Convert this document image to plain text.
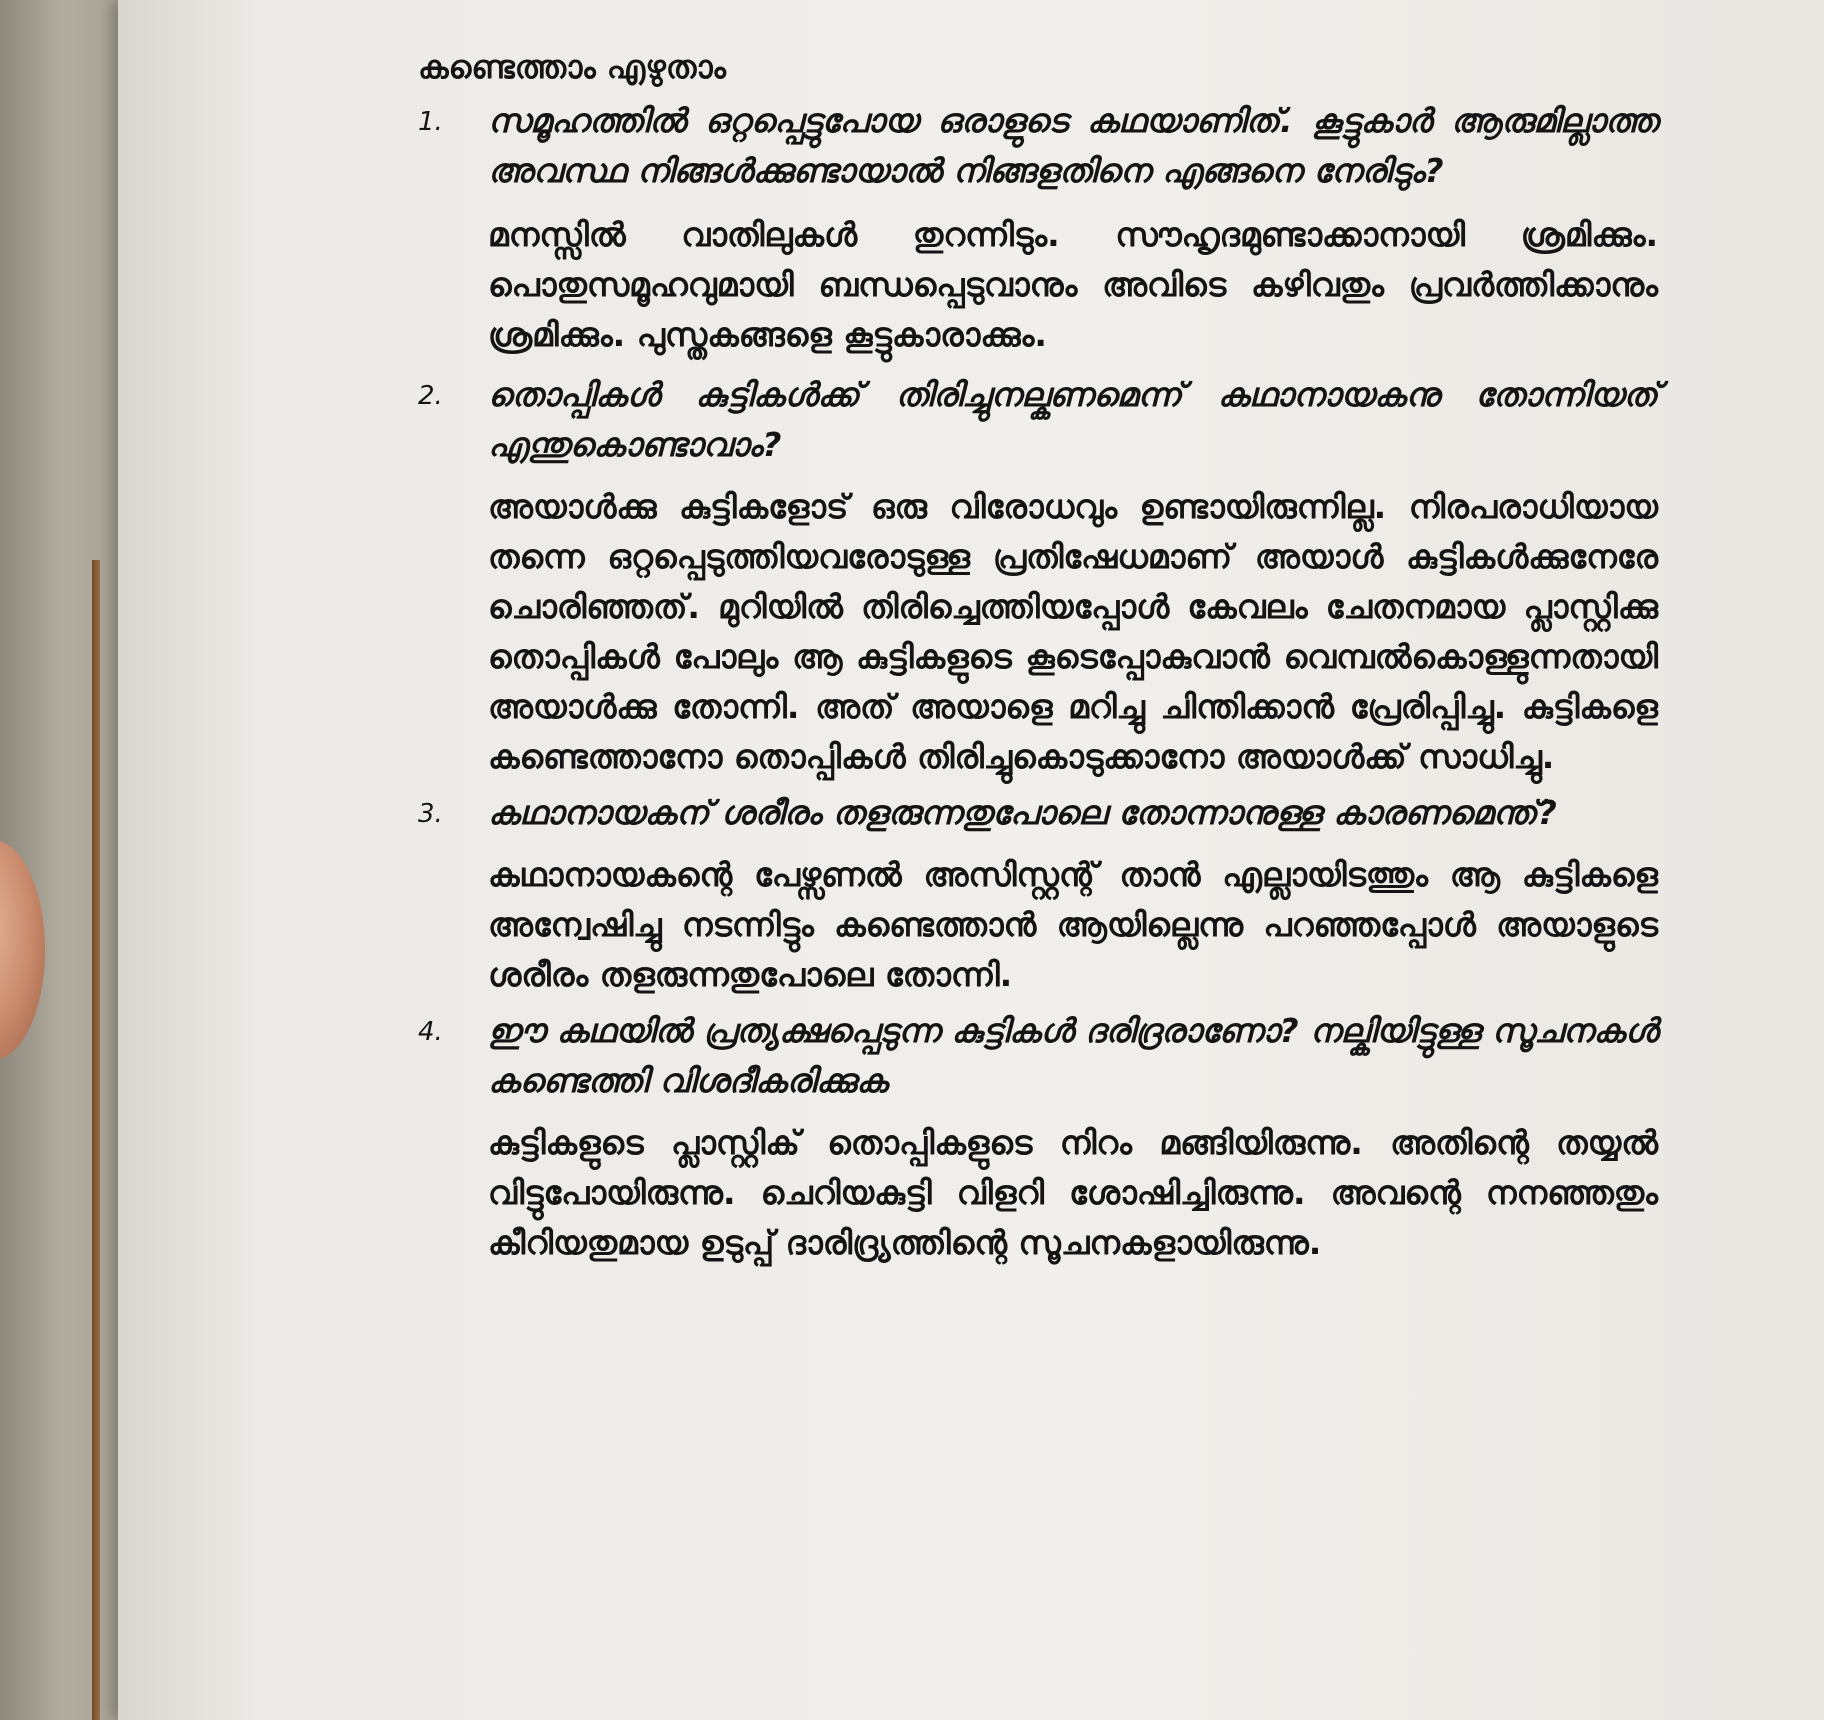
കണ്ടെത്താം എഴുതാം
1. സമൂഹത്തിൽ ഒറ്റപ്പെട്ടുപോയ ഒരാളുടെ കഥയാണിത്. കൂട്ടുകാർ ആരുമില്ലാത്ത അവസ്ഥ നിങ്ങൾക്കുണ്ടായാൽ നിങ്ങളതിനെ എങ്ങനെ നേരിടും?
മനസ്സിൽ വാതിലുകൾ തുറന്നിടും. സൗഹൃദമുണ്ടാക്കാനായി ശ്രമിക്കും. പൊതുസമൂഹവുമായി ബന്ധപ്പെടുവാനും അവിടെ കഴിവതും പ്രവർത്തിക്കാനും ശ്രമിക്കും. പുസ്തകങ്ങളെ കൂട്ടുകാരാക്കും.
2. തൊപ്പികൾ കുട്ടികൾക്ക് തിരിച്ചുനല്കണമെന്ന് കഥാനായകനു തോന്നിയത് എന്തുകൊണ്ടാവാം?
അയാൾക്കു കുട്ടികളോട് ഒരു വിരോധവും ഉണ്ടായിരുന്നില്ല. നിരപരാധിയായ തന്നെ ഒറ്റപ്പെടുത്തിയവരോടുള്ള പ്രതിഷേധമാണ് അയാൾ കുട്ടികൾക്കുനേരേ ചൊരിഞ്ഞത്. മുറിയിൽ തിരിച്ചെത്തിയപ്പോൾ കേവലം ചേതനമായ പ്ലാസ്റ്റിക്കു തൊപ്പികൾ പോലും ആ കുട്ടികളുടെ കൂടെപ്പോകുവാൻ വെമ്പൽകൊള്ളുന്നതായി അയാൾക്കു തോന്നി. അത് അയാളെ മറിച്ചു ചിന്തിക്കാൻ പ്രേരിപ്പിച്ചു. കുട്ടികളെ കണ്ടെത്താനോ തൊപ്പികൾ തിരിച്ചുകൊടുക്കാനോ അയാൾക്ക് സാധിച്ചു.
3. കഥാനായകന് ശരീരം തളരുന്നതുപോലെ തോന്നാനുള്ള കാരണമെന്ത്?
കഥാനായകന്റെ പേഴ്സണൽ അസിസ്റ്റന്റ് താൻ എല്ലായിടത്തും ആ കുട്ടികളെ അന്വേഷിച്ചു നടന്നിട്ടും കണ്ടെത്താൻ ആയില്ലെന്നു പറഞ്ഞപ്പോൾ അയാളുടെ ശരീരം തളരുന്നതുപോലെ തോന്നി.
4. ഈ കഥയിൽ പ്രത്യക്ഷപ്പെടുന്ന കുട്ടികൾ ദരിദ്രരാണോ? നല്കിയിട്ടുള്ള സൂചനകൾ കണ്ടെത്തി വിശദീകരിക്കുക
കുട്ടികളുടെ പ്ലാസ്റ്റിക് തൊപ്പികളുടെ നിറം മങ്ങിയിരുന്നു. അതിന്റെ തയ്യൽ വിട്ടുപോയിരുന്നു. ചെറിയകുട്ടി വിളറി ശോഷിച്ചിരുന്നു. അവന്റെ നനഞ്ഞതും കീറിയതുമായ ഉടുപ്പ് ദാരിദ്ര്യത്തിന്റെ സൂചനകളായിരുന്നു.
